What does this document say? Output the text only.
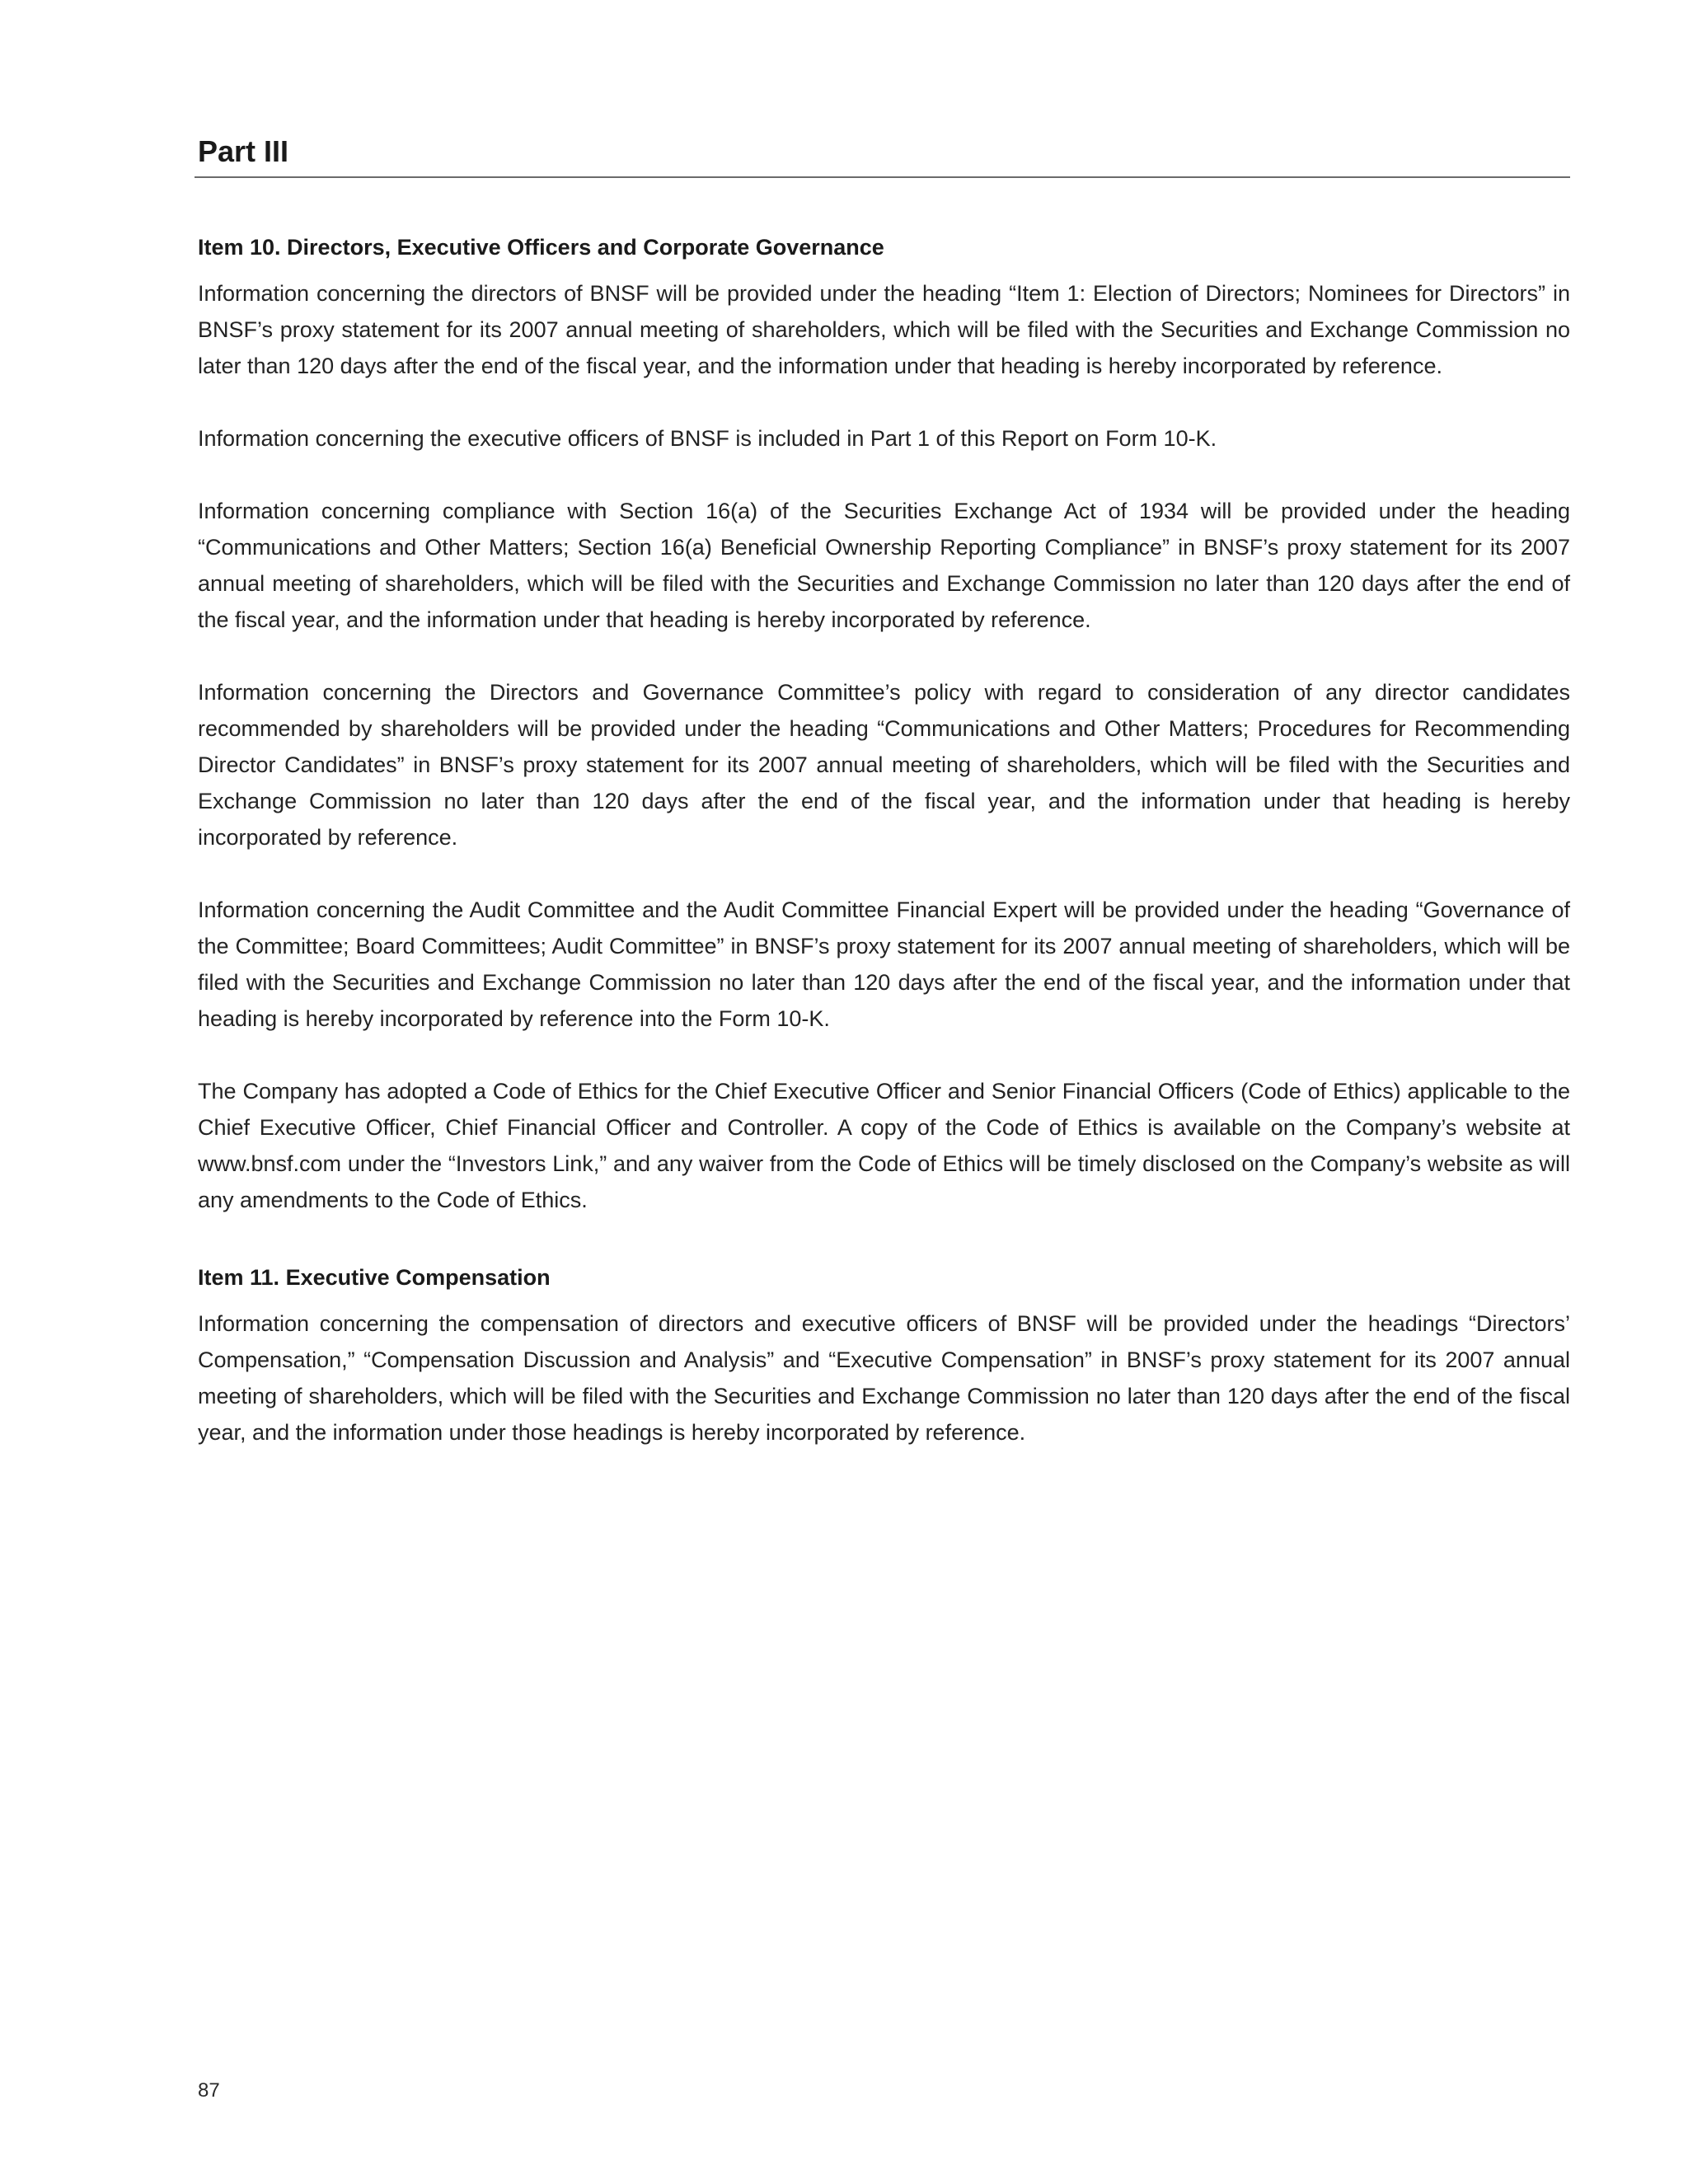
Part III
Item 10. Directors, Executive Officers and Corporate Governance

Information concerning the directors of BNSF will be provided under the heading “Item 1: Election of Directors; Nominees for Directors” in BNSF’s proxy statement for its 2007 annual meeting of shareholders, which will be filed with the Securities and Exchange Commission no later than 120 days after the end of the fiscal year, and the information under that heading is hereby incorporated by reference.

Information concerning the executive officers of BNSF is included in Part 1 of this Report on Form 10-K.

Information concerning compliance with Section 16(a) of the Securities Exchange Act of 1934 will be provided under the heading “Communications and Other Matters; Section 16(a) Beneficial Ownership Reporting Compliance” in BNSF’s proxy statement for its 2007 annual meeting of shareholders, which will be filed with the Securities and Exchange Commission no later than 120 days after the end of the fiscal year, and the information under that heading is hereby incorporated by reference.

Information concerning the Directors and Governance Committee’s policy with regard to consideration of any director candidates recommended by shareholders will be provided under the heading “Communications and Other Matters; Procedures for Recommending Director Candidates” in BNSF’s proxy statement for its 2007 annual meeting of shareholders, which will be filed with the Securities and Exchange Commission no later than 120 days after the end of the fiscal year, and the information under that heading is hereby incorporated by reference.

Information concerning the Audit Committee and the Audit Committee Financial Expert will be provided under the heading “Governance of the Committee; Board Committees; Audit Committee” in BNSF’s proxy statement for its 2007 annual meeting of shareholders, which will be filed with the Securities and Exchange Commission no later than 120 days after the end of the fiscal year, and the information under that heading is hereby incorporated by reference into the Form 10-K.

The Company has adopted a Code of Ethics for the Chief Executive Officer and Senior Financial Officers (Code of Ethics) applicable to the Chief Executive Officer, Chief Financial Officer and Controller. A copy of the Code of Ethics is available on the Company’s website at www.bnsf.com under the “Investors Link,” and any waiver from the Code of Ethics will be timely disclosed on the Company’s website as will any amendments to the Code of Ethics.

Item 11. Executive Compensation

Information concerning the compensation of directors and executive officers of BNSF will be provided under the headings “Directors’ Compensation,” “Compensation Discussion and Analysis” and “Executive Compensation” in BNSF’s proxy statement for its 2007 annual meeting of shareholders, which will be filed with the Securities and Exchange Commission no later than 120 days after the end of the fiscal year, and the information under those headings is hereby incorporated by reference.

87
